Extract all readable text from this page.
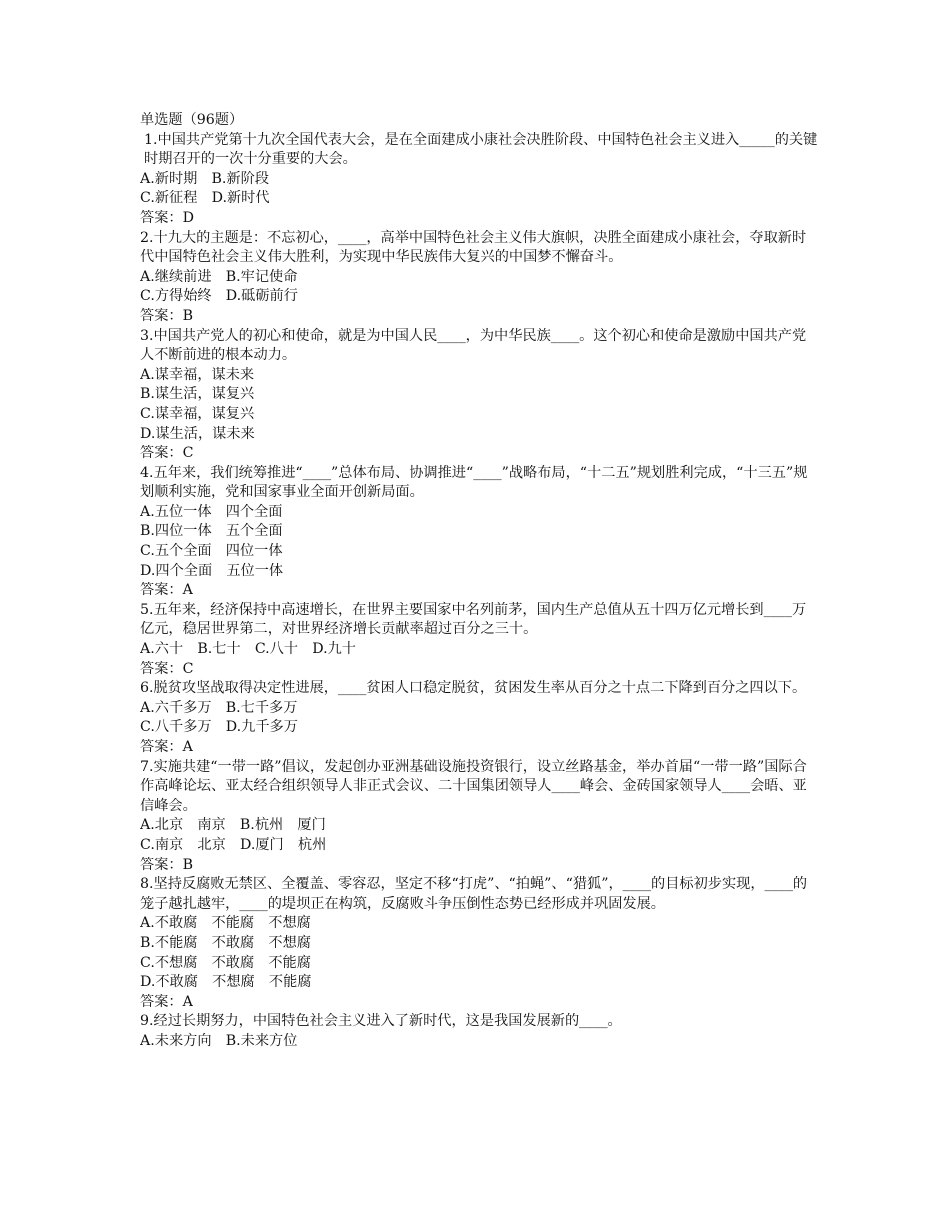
单选题（96题）
1.中国共产党第十九次全国代表大会，是在全面建成小康社会决胜阶段、中国特色社会主义进入_____的关键时期召开的一次十分重要的大会。
A.新时期　B.新阶段
C.新征程　D.新时代
答案：D
2.十九大的主题是：不忘初心，____，高举中国特色社会主义伟大旗帜，决胜全面建成小康社会，夺取新时代中国特色社会主义伟大胜利，为实现中华民族伟大复兴的中国梦不懈奋斗。
A.继续前进　B.牢记使命
C.方得始终　D.砥砺前行
答案：B
3.中国共产党人的初心和使命，就是为中国人民____，为中华民族____。这个初心和使命是激励中国共产党人不断前进的根本动力。
A.谋幸福，谋未来
B.谋生活，谋复兴
C.谋幸福，谋复兴
D.谋生活，谋未来
答案：C
4.五年来，我们统筹推进“____”总体布局、协调推进“____”战略布局，“十二五”规划胜利完成，“十三五”规划顺利实施，党和国家事业全面开创新局面。
A.五位一体　四个全面
B.四位一体　五个全面
C.五个全面　四位一体
D.四个全面　五位一体
答案：A
5.五年来，经济保持中高速增长，在世界主要国家中名列前茅，国内生产总值从五十四万亿元增长到____万亿元，稳居世界第二，对世界经济增长贡献率超过百分之三十。
A.六十　B.七十　C.八十　D.九十
答案：C
6.脱贫攻坚战取得决定性进展，____贫困人口稳定脱贫，贫困发生率从百分之十点二下降到百分之四以下。
A.六千多万　B.七千多万
C.八千多万　D.九千多万
答案：A
7.实施共建“一带一路”倡议，发起创办亚洲基础设施投资银行，设立丝路基金，举办首届“一带一路”国际合作高峰论坛、亚太经合组织领导人非正式会议、二十国集团领导人____峰会、金砖国家领导人____会晤、亚信峰会。
A.北京　南京　B.杭州　厦门
C.南京　北京　D.厦门　杭州
答案：B
8.坚持反腐败无禁区、全覆盖、零容忍，坚定不移“打虎”、“拍蝇”、“猎狐”，____的目标初步实现，____的笼子越扎越牢，____的堤坝正在构筑，反腐败斗争压倒性态势已经形成并巩固发展。
A.不敢腐　不能腐　不想腐
B.不能腐　不敢腐　不想腐
C.不想腐　不敢腐　不能腐
D.不敢腐　不想腐　不能腐
答案：A
9.经过长期努力，中国特色社会主义进入了新时代，这是我国发展新的____。
A.未来方向　B.未来方位
